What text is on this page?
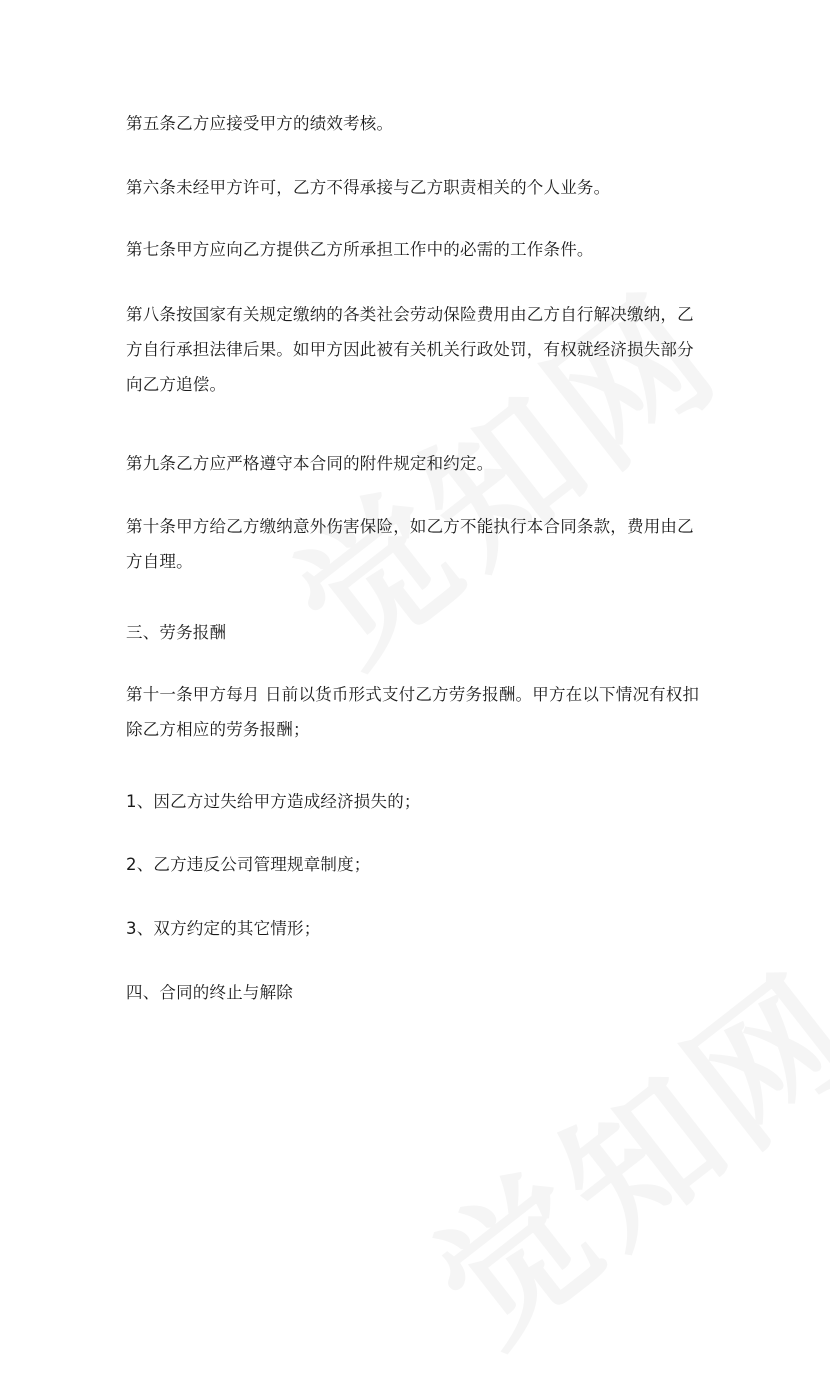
第五条乙方应接受甲方的绩效考核。

第六条未经甲方许可，乙方不得承接与乙方职责相关的个人业务。

第七条甲方应向乙方提供乙方所承担工作中的必需的工作条件。

第八条按国家有关规定缴纳的各类社会劳动保险费用由乙方自行解决缴纳，乙
方自行承担法律后果。如甲方因此被有关机关行政处罚，有权就经济损失部分
向乙方追偿。

第九条乙方应严格遵守本合同的附件规定和约定。

第十条甲方给乙方缴纳意外伤害保险，如乙方不能执行本合同条款，费用由乙
方自理。

三、劳务报酬

第十一条甲方每月 日前以货币形式支付乙方劳务报酬。甲方在以下情况有权扣
除乙方相应的劳务报酬；

1、因乙方过失给甲方造成经济损失的；

2、乙方违反公司管理规章制度；

3、双方约定的其它情形；

四、合同的终止与解除
